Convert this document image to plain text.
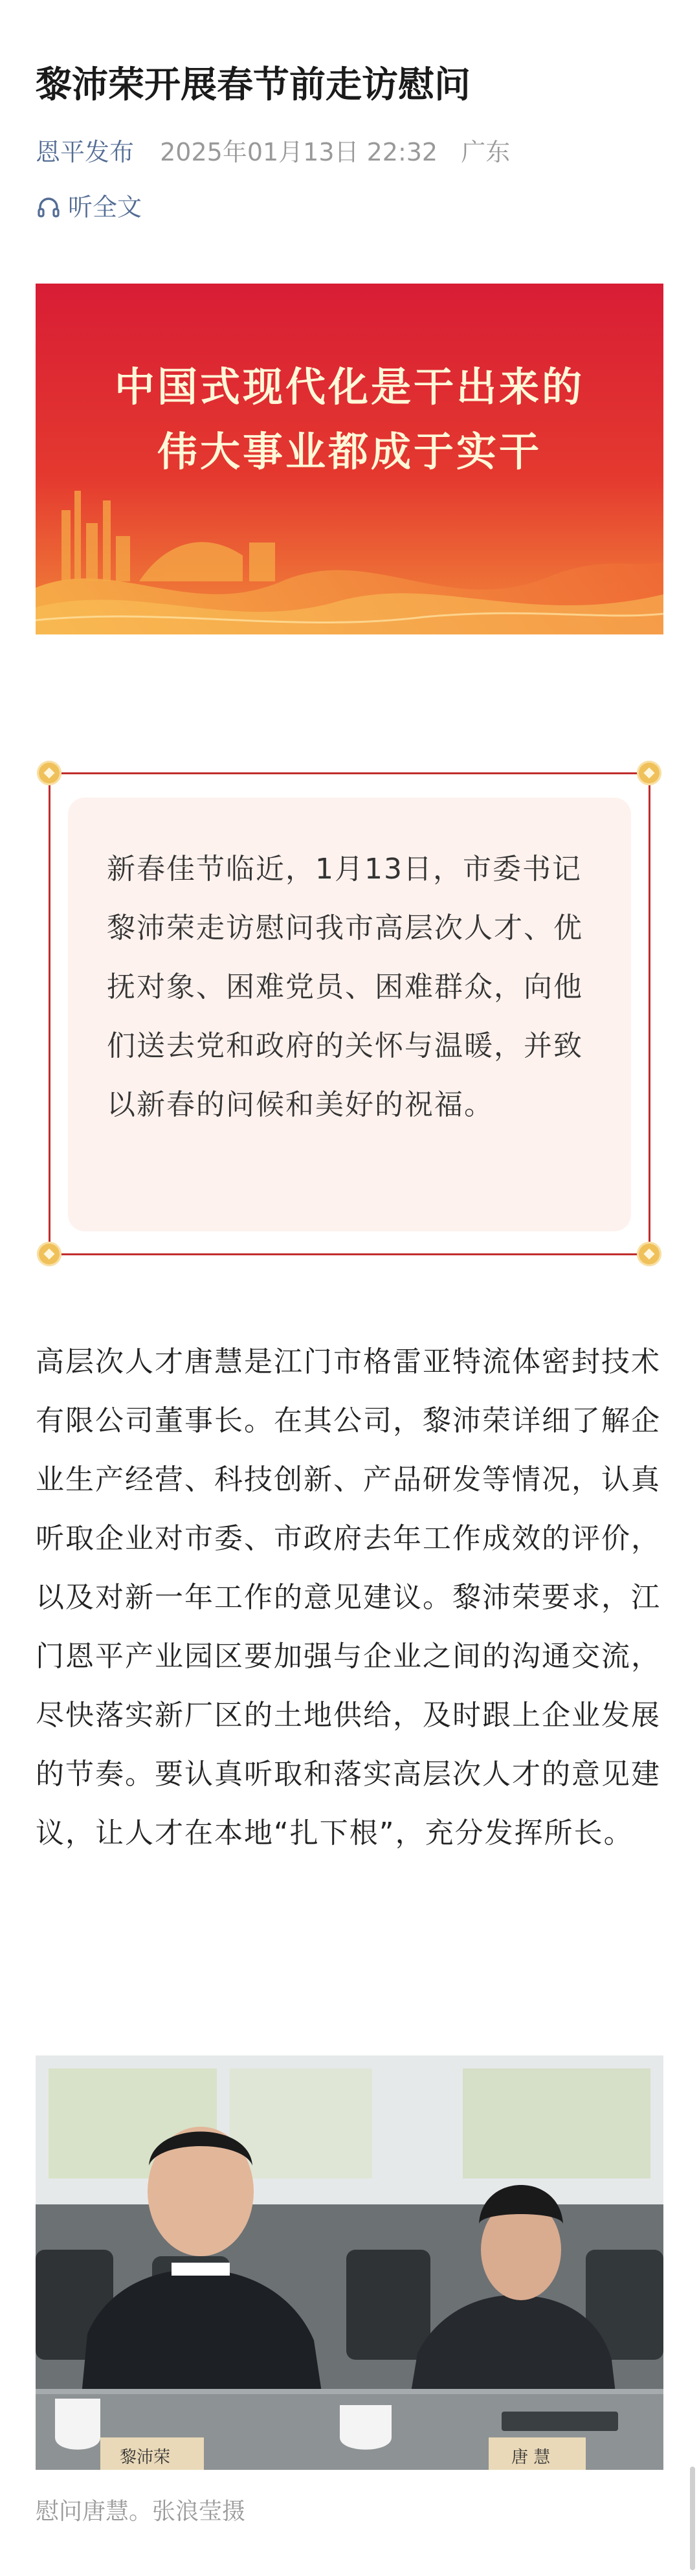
黎沛荣开展春节前走访慰问
恩平发布 2025年01月13日 22:32 广东
听全文
中国式现代化是干出来的
伟大事业都成于实干
新春佳节临近，1月13日，市委书记黎沛荣走访慰问我市高层次人才、优抚对象、困难党员、困难群众，向他们送去党和政府的关怀与温暖，并致以新春的问候和美好的祝福。
高层次人才唐慧是江门市格雷亚特流体密封技术有限公司董事长。在其公司，黎沛荣详细了解企业生产经营、科技创新、产品研发等情况，认真听取企业对市委、市政府去年工作成效的评价，以及对新一年工作的意见建议。黎沛荣要求，江门恩平产业园区要加强与企业之间的沟通交流，尽快落实新厂区的土地供给，及时跟上企业发展的节奏。要认真听取和落实高层次人才的意见建议，让人才在本地“扎下根”，充分发挥所长。
黎沛荣	唐 慧
慰问唐慧。张浪莹摄
